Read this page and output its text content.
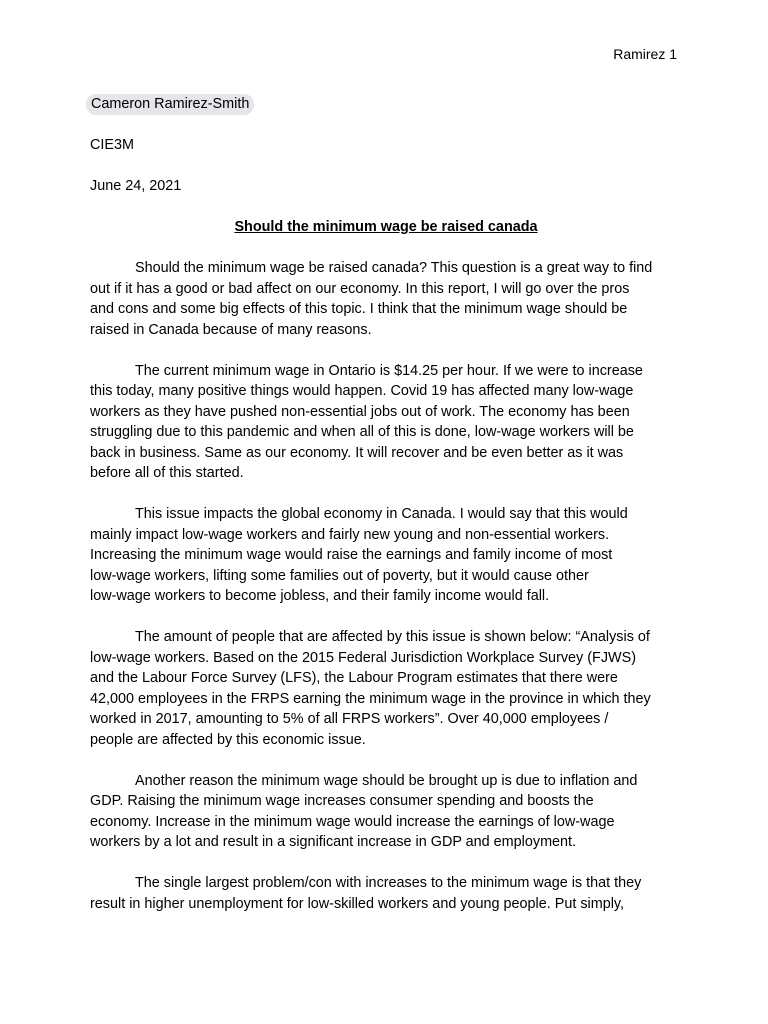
Ramirez 1
Cameron Ramirez-Smith
CIE3M
June 24, 2021
Should the minimum wage be raised canada
Should the minimum wage be raised canada? This question is a great way to find
out if it has a good or bad affect on our economy. In this report, I will go over the pros
and cons and some big effects of this topic. I think that the minimum wage should be
raised in Canada because of many reasons.
The current minimum wage in Ontario is $14.25 per hour. If we were to increase
this today, many positive things would happen. Covid 19 has affected many low-wage
workers as they have pushed non-essential jobs out of work. The economy has been
struggling due to this pandemic and when all of this is done, low-wage workers will be
back in business. Same as our economy. It will recover and be even better as it was
before all of this started.
This issue impacts the global economy in Canada. I would say that this would
mainly impact low-wage workers and fairly new young and non-essential workers.
Increasing the minimum wage would raise the earnings and family income of most
low-wage workers, lifting some families out of poverty, but it would cause other
low-wage workers to become jobless, and their family income would fall.
The amount of people that are affected by this issue is shown below: “Analysis of
low-wage workers. Based on the 2015 Federal Jurisdiction Workplace Survey (FJWS)
and the Labour Force Survey (LFS), the Labour Program estimates that there were
42,000 employees in the FRPS earning the minimum wage in the province in which they
worked in 2017, amounting to 5% of all FRPS workers”. Over 40,000 employees /
people are affected by this economic issue.
Another reason the minimum wage should be brought up is due to inflation and
GDP. Raising the minimum wage increases consumer spending and boosts the
economy. Increase in the minimum wage would increase the earnings of low-wage
workers by a lot and result in a significant increase in GDP and employment.
The single largest problem/con with increases to the minimum wage is that they
result in higher unemployment for low-skilled workers and young people. Put simply,
